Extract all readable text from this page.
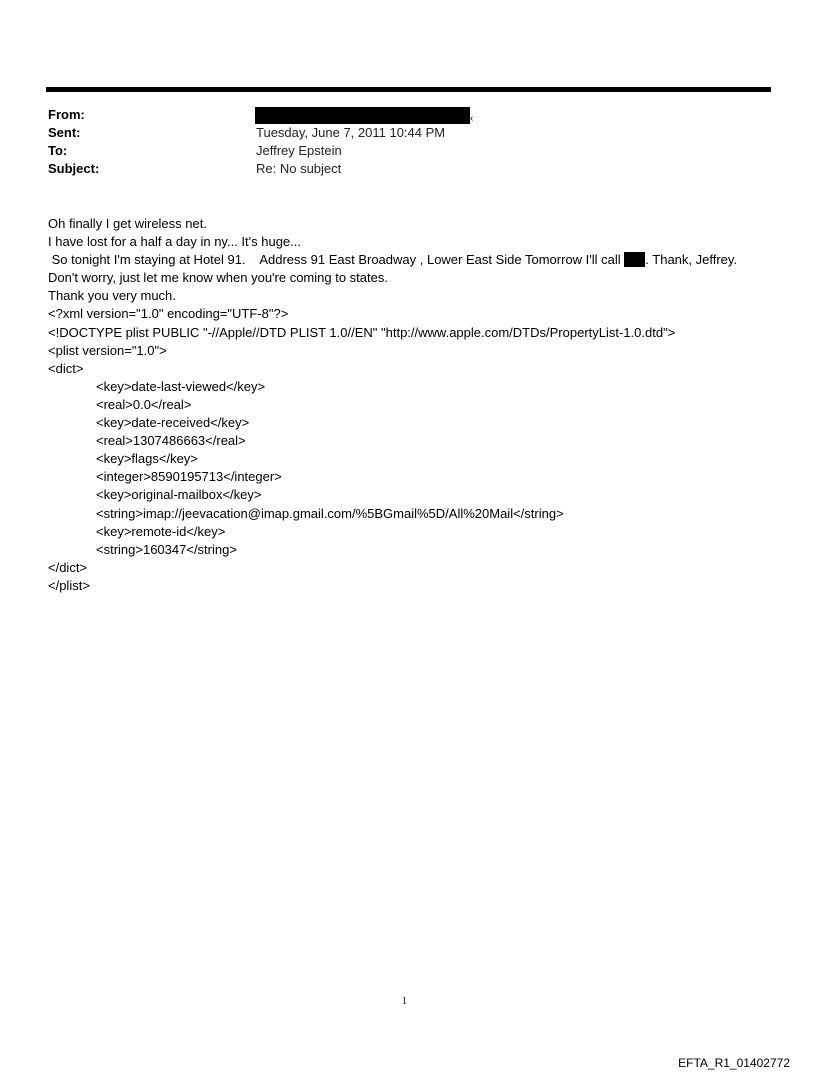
From:	‹
Sent:	Tuesday, June 7, 2011 10:44 PM
To:	Jeffrey Epstein
Subject:	Re: No subject
Oh finally I get wireless net.
I have lost for a half a day in ny... It's huge...
So tonight I'm staying at Hotel 91.    Address 91 East Broadway , Lower East Side Tomorrow I'll call . Thank, Jeffrey.
Don't worry, just let me know when you're coming to states.
Thank you very much.
<?xml version="1.0" encoding="UTF-8"?>
<!DOCTYPE plist PUBLIC "-//Apple//DTD PLIST 1.0//EN" "http://www.apple.com/DTDs/PropertyList-1.0.dtd">
<plist version="1.0">
<dict>
<key>date-last-viewed</key>
<real>0.0</real>
<key>date-received</key>
<real>1307486663</real>
<key>flags</key>
<integer>8590195713</integer>
<key>original-mailbox</key>
<string>imap://jeevacation@imap.gmail.com/%5BGmail%5D/All%20Mail</string>
<key>remote-id</key>
<string>160347</string>
</dict>
</plist>
1
EFTA_R1_01402772
